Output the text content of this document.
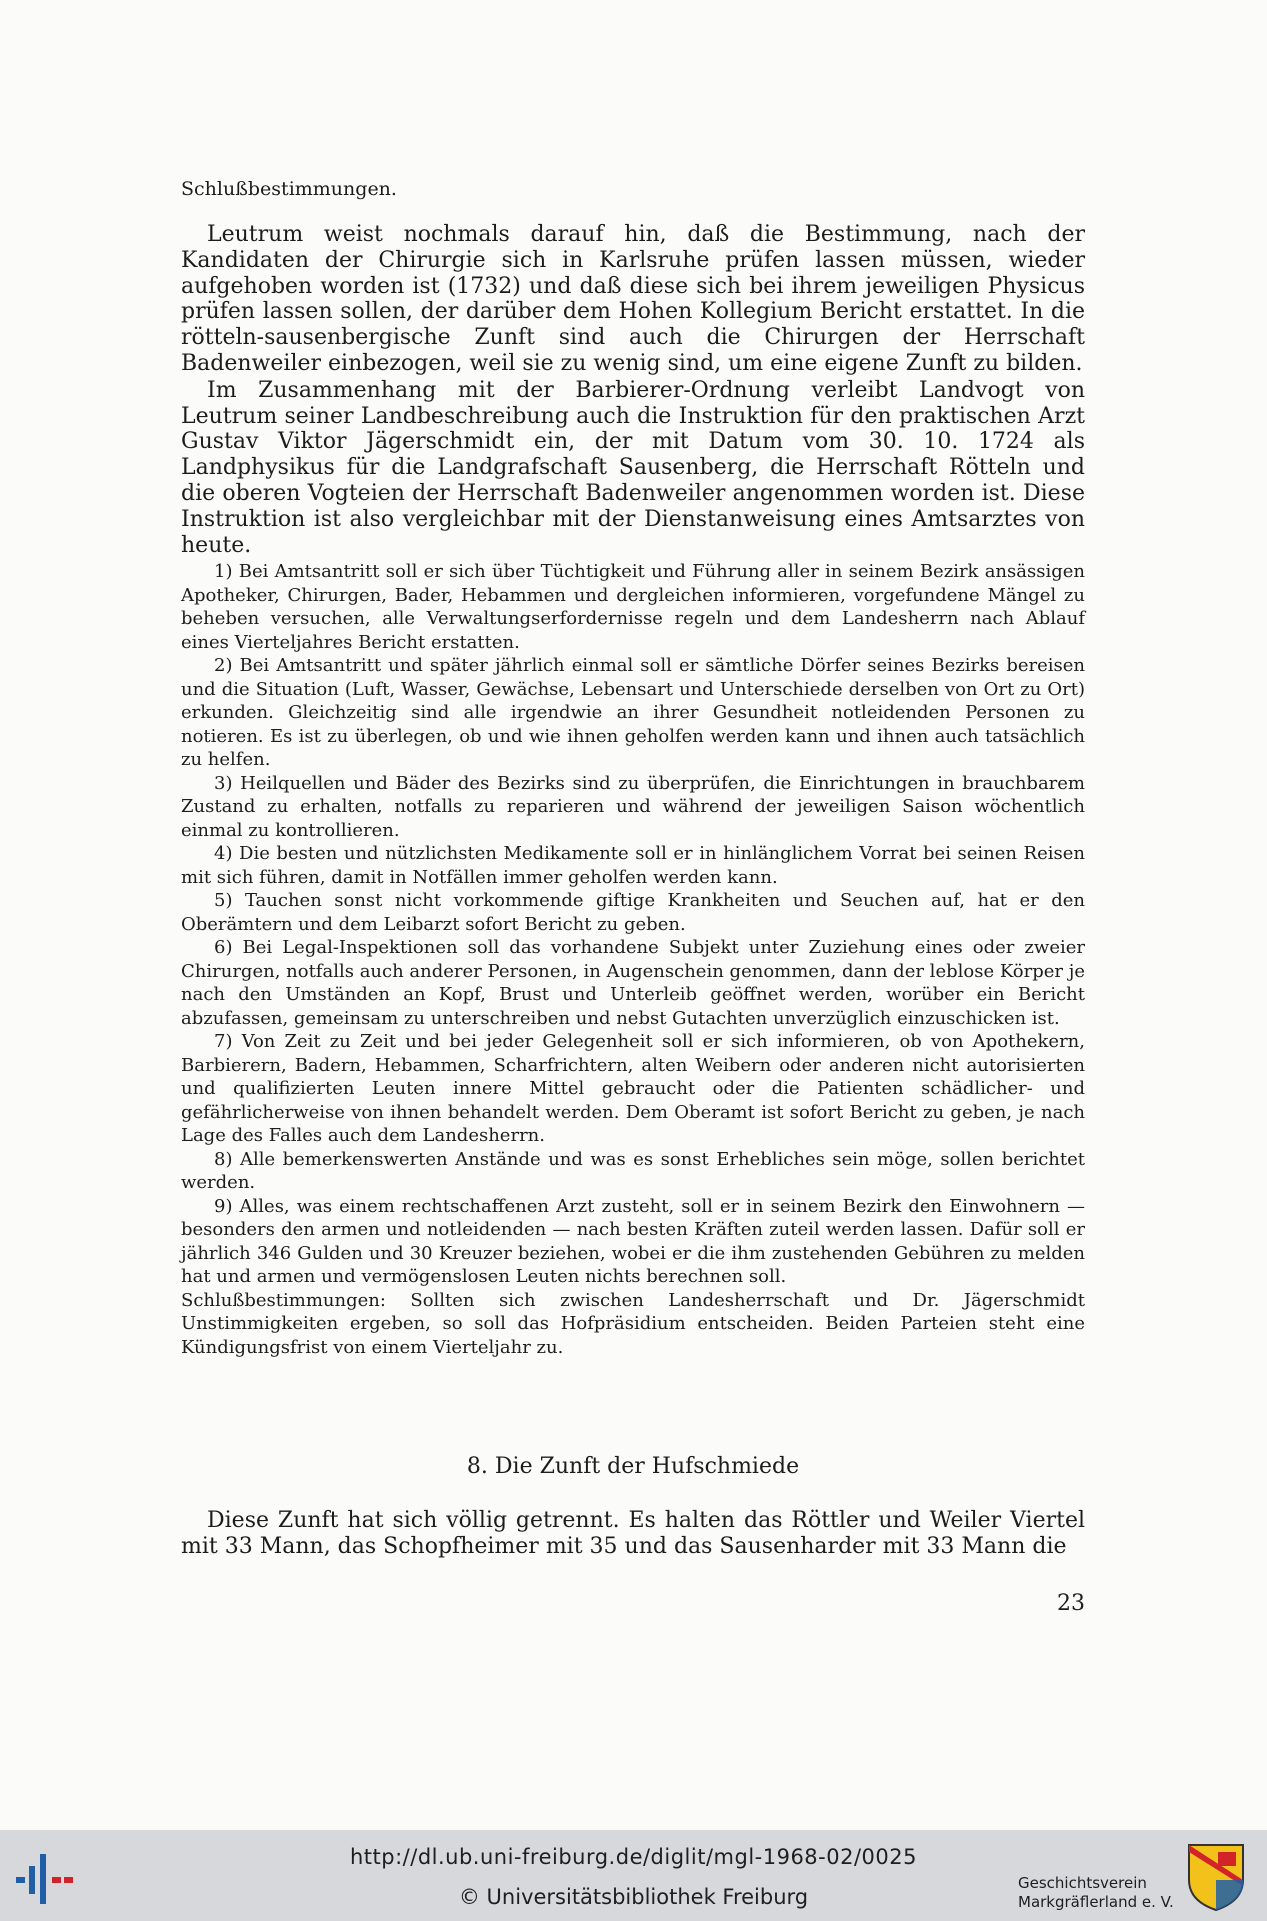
Schlußbestimmungen.

Leutrum weist nochmals darauf hin, daß die Bestimmung, nach der Kandidaten der Chirurgie sich in Karlsruhe prüfen lassen müssen, wieder aufgehoben worden ist (1732) und daß diese sich bei ihrem jeweiligen Physicus prüfen lassen sollen, der darüber dem Hohen Kollegium Bericht erstattet. In die rötteln-sausenbergische Zunft sind auch die Chirurgen der Herrschaft Badenweiler einbezogen, weil sie zu wenig sind, um eine eigene Zunft zu bilden.

Im Zusammenhang mit der Barbierer-Ordnung verleibt Landvogt von Leutrum seiner Landbeschreibung auch die Instruktion für den praktischen Arzt Gustav Viktor Jägerschmidt ein, der mit Datum vom 30. 10. 1724 als Landphysikus für die Landgrafschaft Sausenberg, die Herrschaft Rötteln und die oberen Vogteien der Herrschaft Badenweiler angenommen worden ist. Diese Instruktion ist also vergleichbar mit der Dienstanweisung eines Amtsarztes von heute.

1) Bei Amtsantritt soll er sich über Tüchtigkeit und Führung aller in seinem Bezirk ansässigen Apotheker, Chirurgen, Bader, Hebammen und dergleichen informieren, vorgefundene Mängel zu beheben versuchen, alle Verwaltungserfordernisse regeln und dem Landesherrn nach Ablauf eines Vierteljahres Bericht erstatten.

2) Bei Amtsantritt und später jährlich einmal soll er sämtliche Dörfer seines Bezirks bereisen und die Situation (Luft, Wasser, Gewächse, Lebensart und Unterschiede derselben von Ort zu Ort) erkunden. Gleichzeitig sind alle irgendwie an ihrer Gesundheit notleidenden Personen zu notieren. Es ist zu überlegen, ob und wie ihnen geholfen werden kann und ihnen auch tatsächlich zu helfen.

3) Heilquellen und Bäder des Bezirks sind zu überprüfen, die Einrichtungen in brauchbarem Zustand zu erhalten, notfalls zu reparieren und während der jeweiligen Saison wöchentlich einmal zu kontrollieren.

4) Die besten und nützlichsten Medikamente soll er in hinlänglichem Vorrat bei seinen Reisen mit sich führen, damit in Notfällen immer geholfen werden kann.

5) Tauchen sonst nicht vorkommende giftige Krankheiten und Seuchen auf, hat er den Oberämtern und dem Leibarzt sofort Bericht zu geben.

6) Bei Legal-Inspektionen soll das vorhandene Subjekt unter Zuziehung eines oder zweier Chirurgen, notfalls auch anderer Personen, in Augenschein genommen, dann der leblose Körper je nach den Umständen an Kopf, Brust und Unterleib geöffnet werden, worüber ein Bericht abzufassen, gemeinsam zu unterschreiben und nebst Gutachten unverzüglich einzuschicken ist.

7) Von Zeit zu Zeit und bei jeder Gelegenheit soll er sich informieren, ob von Apothekern, Barbierern, Badern, Hebammen, Scharfrichtern, alten Weibern oder anderen nicht autorisierten und qualifizierten Leuten innere Mittel gebraucht oder die Patienten schädlicher- und gefährlicherweise von ihnen behandelt werden. Dem Oberamt ist sofort Bericht zu geben, je nach Lage des Falles auch dem Landesherrn.

8) Alle bemerkenswerten Anstände und was es sonst Erhebliches sein möge, sollen berichtet werden.

9) Alles, was einem rechtschaffenen Arzt zusteht, soll er in seinem Bezirk den Einwohnern — besonders den armen und notleidenden — nach besten Kräften zuteil werden lassen. Dafür soll er jährlich 346 Gulden und 30 Kreuzer beziehen, wobei er die ihm zustehenden Gebühren zu melden hat und armen und vermögenslosen Leuten nichts berechnen soll.

Schlußbestimmungen: Sollten sich zwischen Landesherrschaft und Dr. Jägerschmidt Unstimmigkeiten ergeben, so soll das Hofpräsidium entscheiden. Beiden Parteien steht eine Kündigungsfrist von einem Vierteljahr zu.

8. Die Zunft der Hufschmiede

Diese Zunft hat sich völlig getrennt. Es halten das Röttler und Weiler Viertel mit 33 Mann, das Schopfheimer mit 35 und das Sausenharder mit 33 Mann die

23
http://dl.ub.uni-freiburg.de/diglit/mgl-1968-02/0025
© Universitätsbibliothek Freiburg
Geschichtsverein
Markgräflerland e. V.
